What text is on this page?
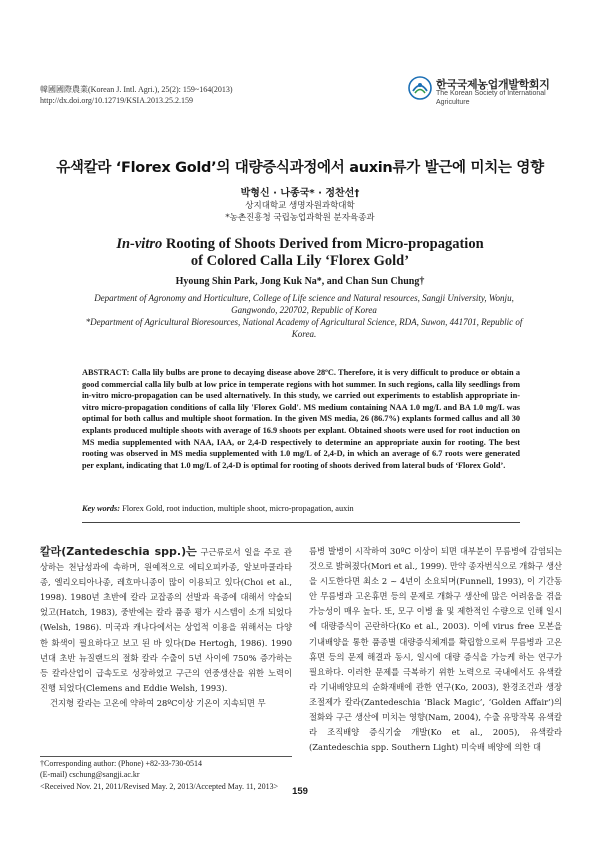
韓國國際農業(Korean J. Intl. Agri.), 25(2): 159~164(2013)
http://dx.doi.org/10.12719/KSIA.2013.25.2.159
한국국제농업개발학회지
The Korean Society of International
Agriculture
유색칼라 ‘Florex Gold’의 대량증식과정에서 auxin류가 발근에 미치는 영향
박형신 · 나종국* · 정찬선†
상지대학교 생명자원과학대학
*농촌진흥청 국립농업과학원 분자육종과
In-vitro Rooting of Shoots Derived from Micro-propagation
of Colored Calla Lily ‘Florex Gold’
Hyoung Shin Park, Jong Kuk Na*, and Chan Sun Chung†
Department of Agronomy and Horticulture, College of Life science and Natural resources, Sangji University, Wonju, Gangwondo, 220702, Republic of Korea
*Department of Agricultural Bioresources, National Academy of Agricultural Science, RDA, Suwon, 441701, Republic of Korea.
ABSTRACT: Calla lily bulbs are prone to decaying disease above 28ºC. Therefore, it is very difficult to produce or obtain a good commercial calla lily bulb at low price in temperate regions with hot summer. In such regions, calla lily seedlings from in-vitro micro-propagation can be used alternatively. In this study, we carried out experiments to establish appropriate in-vitro micro-propagation conditions of calla lily 'Florex Gold'. MS medium containing NAA 1.0 mg/L and BA 1.0 mg/L was optimal for both callus and multiple shoot formation. In the given MS media, 26 (86.7%) explants formed callus and all 30 explants produced multiple shoots with average of 16.9 shoots per explant. Obtained shoots were used for root induction on MS media supplemented with NAA, IAA, or 2,4-D respectively to determine an appropriate auxin for rooting. The best rooting was observed in MS media supplemented with 1.0 mg/L of 2,4-D, in which an average of 6.7 roots were generated per explant, indicating that 1.0 mg/L of 2,4-D is optimal for rooting of shoots derived from lateral buds of ‘Florex Gold’.
Key words: Florex Gold, root induction, multiple shoot, micro-propagation, auxin

칼라(Zantedeschia spp.)는 구근류로서 일을 주로 관상하는 천남성과에 속하며, 원예적으로 에티오피카종, 알보마쿨라타종, 엘리오티아나종, 레흐마니종이 많이 이용되고 있다(Choi et al., 1998). 1980년 초반에 칼라 교잡종의 선발과 육종에 대해서 약술되었고(Hatch, 1983), 중반에는 칼라 품종 평가 시스템이 소개 되었다(Welsh, 1986). 미국과 캐나다에서는 상업적 이용을 위해서는 다양한 화색이 필요하다고 보고 된 바 있다(De Hertogh, 1986). 1990년대 초반 뉴질랜드의 절화 칼라 수출이 5년 사이에 750% 증가하는 등 칼라산업이 급속도로 성장하였고 구근의 연중생산을 위한 노력이 진행 되었다(Clemens and Eddie Welsh, 1993).

건지형 칼라는 고온에 약하여 28ºC이상 기온이 지속되면 무

름병 발병이 시작하여 30ºC 이상이 되면 대부분이 무름병에 감염되는 것으로 밝혀졌다(Mori et al., 1999). 만약 종자번식으로 개화구 생산을 시도한다면 최소 2 ~ 4년이 소요되며(Funnell, 1993), 이 기간동안 무름병과 고온휴면 등의 문제로 개화구 생산에 많은 어려움을 겪을 가능성이 매우 높다. 또, 모구 이병 율 및 제한적인 수량으로 인해 일시에 대량증식이 곤란하다(Ko et al., 2003). 이에 virus free 모본을 기내배양을 통한 품종별 대량증식체계를 확립함으로써 무름병과 고온휴면 등의 문제 해결과 동시, 일시에 대량 증식을 가능케 하는 연구가 필요하다. 이러한 문제를 극복하기 위한 노력으로 국내에서도 유색칼라 기내배양묘의 순화재배에 관한 연구(Ko, 2003), 환경조건과 생장조절제가 칼라(Zantedeschia ‘Black Magic’, ‘Golden Affair’)의 절화와 구근 생산에 미치는 영향(Nam, 2004), 수출 유망작목 유색칼라 조직배양 증식기술 개발(Ko et al., 2005), 유색칼라(Zantedeschia spp. Southern Light) 미숙배 배양에 의한 대

†Corresponding author: (Phone) +82-33-730-0514
(E-mail) cschung@sangji.ac.kr
<Received Nov. 21, 2011/Revised May. 2, 2013/Accepted May. 11, 2013>	159
